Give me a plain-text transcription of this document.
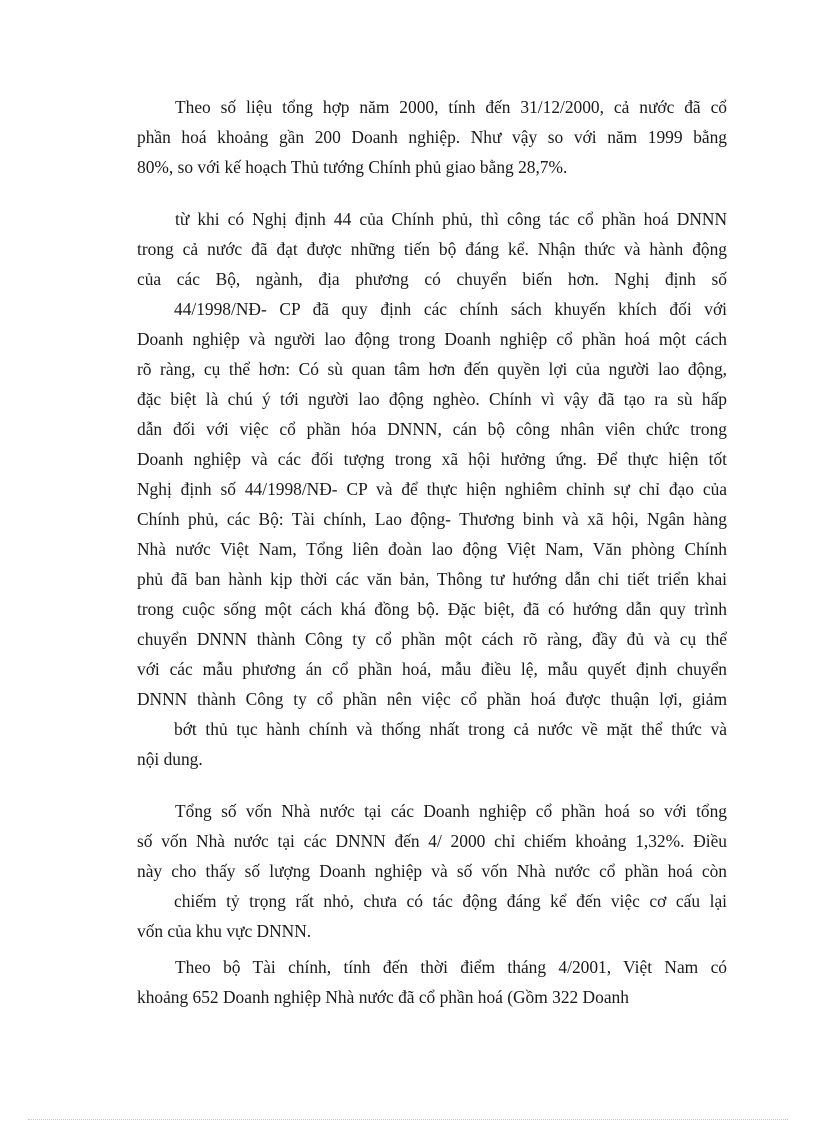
Theo số liệu tổng hợp năm 2000, tính đến 31/12/2000, cả nước đã cổ
phần hoá khoảng gần 200 Doanh nghiệp. Như vậy so với năm 1999 bằng
80%, so với kế hoạch Thủ tướng Chính phủ giao bằng 28,7%.
từ khi có Nghị định 44 của Chính phủ, thì công tác cổ phần hoá DNNN
trong cả nước đã đạt được những tiến bộ đáng kể. Nhận thức và hành động
của các Bộ, ngành, địa phương có chuyển biến hơn. Nghị định số
44/1998/NĐ- CP đã quy định các chính sách khuyến khích đối với
Doanh nghiệp và người lao động trong Doanh nghiệp cổ phần hoá một cách
rõ ràng, cụ thể hơn: Có sù quan tâm hơn đến quyền lợi của người lao động,
đặc biệt là chú ý tới người lao động nghèo. Chính vì vậy đã tạo ra sù hấp
dẫn đối với việc cổ phần hóa DNNN, cán bộ công nhân viên chức trong
Doanh nghiệp và các đối tượng trong xã hội hưởng ứng. Để thực hiện tốt
Nghị định số 44/1998/NĐ- CP và để thực hiện nghiêm chỉnh sự chỉ đạo của
Chính phủ, các Bộ: Tài chính, Lao động- Thương binh và xã hội, Ngân hàng
Nhà nước Việt Nam, Tổng liên đoàn lao động Việt Nam, Văn phòng Chính
phủ đã ban hành kịp thời các văn bản, Thông tư hướng dẫn chi tiết triển khai
trong cuộc sống một cách khá đồng bộ. Đặc biệt, đã có hướng dẫn quy trình
chuyển DNNN thành Công ty cổ phần một cách rõ ràng, đầy đủ và cụ thể
với các mẫu phương án cổ phần hoá, mẫu điều lệ, mẫu quyết định chuyển
DNNN thành Công ty cổ phần nên việc cổ phần hoá được thuận lợi, giảm
bớt thủ tục hành chính và thống nhất trong cả nước về mặt thể thức và
nội dung.
Tổng số vốn Nhà nước tại các Doanh nghiệp cổ phần hoá so với tổng
số vốn Nhà nước tại các DNNN đến 4/ 2000 chỉ chiếm khoảng 1,32%. Điều
này cho thấy số lượng Doanh nghiệp và số vốn Nhà nước cổ phần hoá còn
chiếm tỷ trọng rất nhỏ, chưa có tác động đáng kể đến việc cơ cấu lại
vốn của khu vực DNNN.
Theo bộ Tài chính, tính đến thời điểm tháng 4/2001, Việt Nam có
khoảng 652 Doanh nghiệp Nhà nước đã cổ phần hoá (Gồm 322 Doanh
